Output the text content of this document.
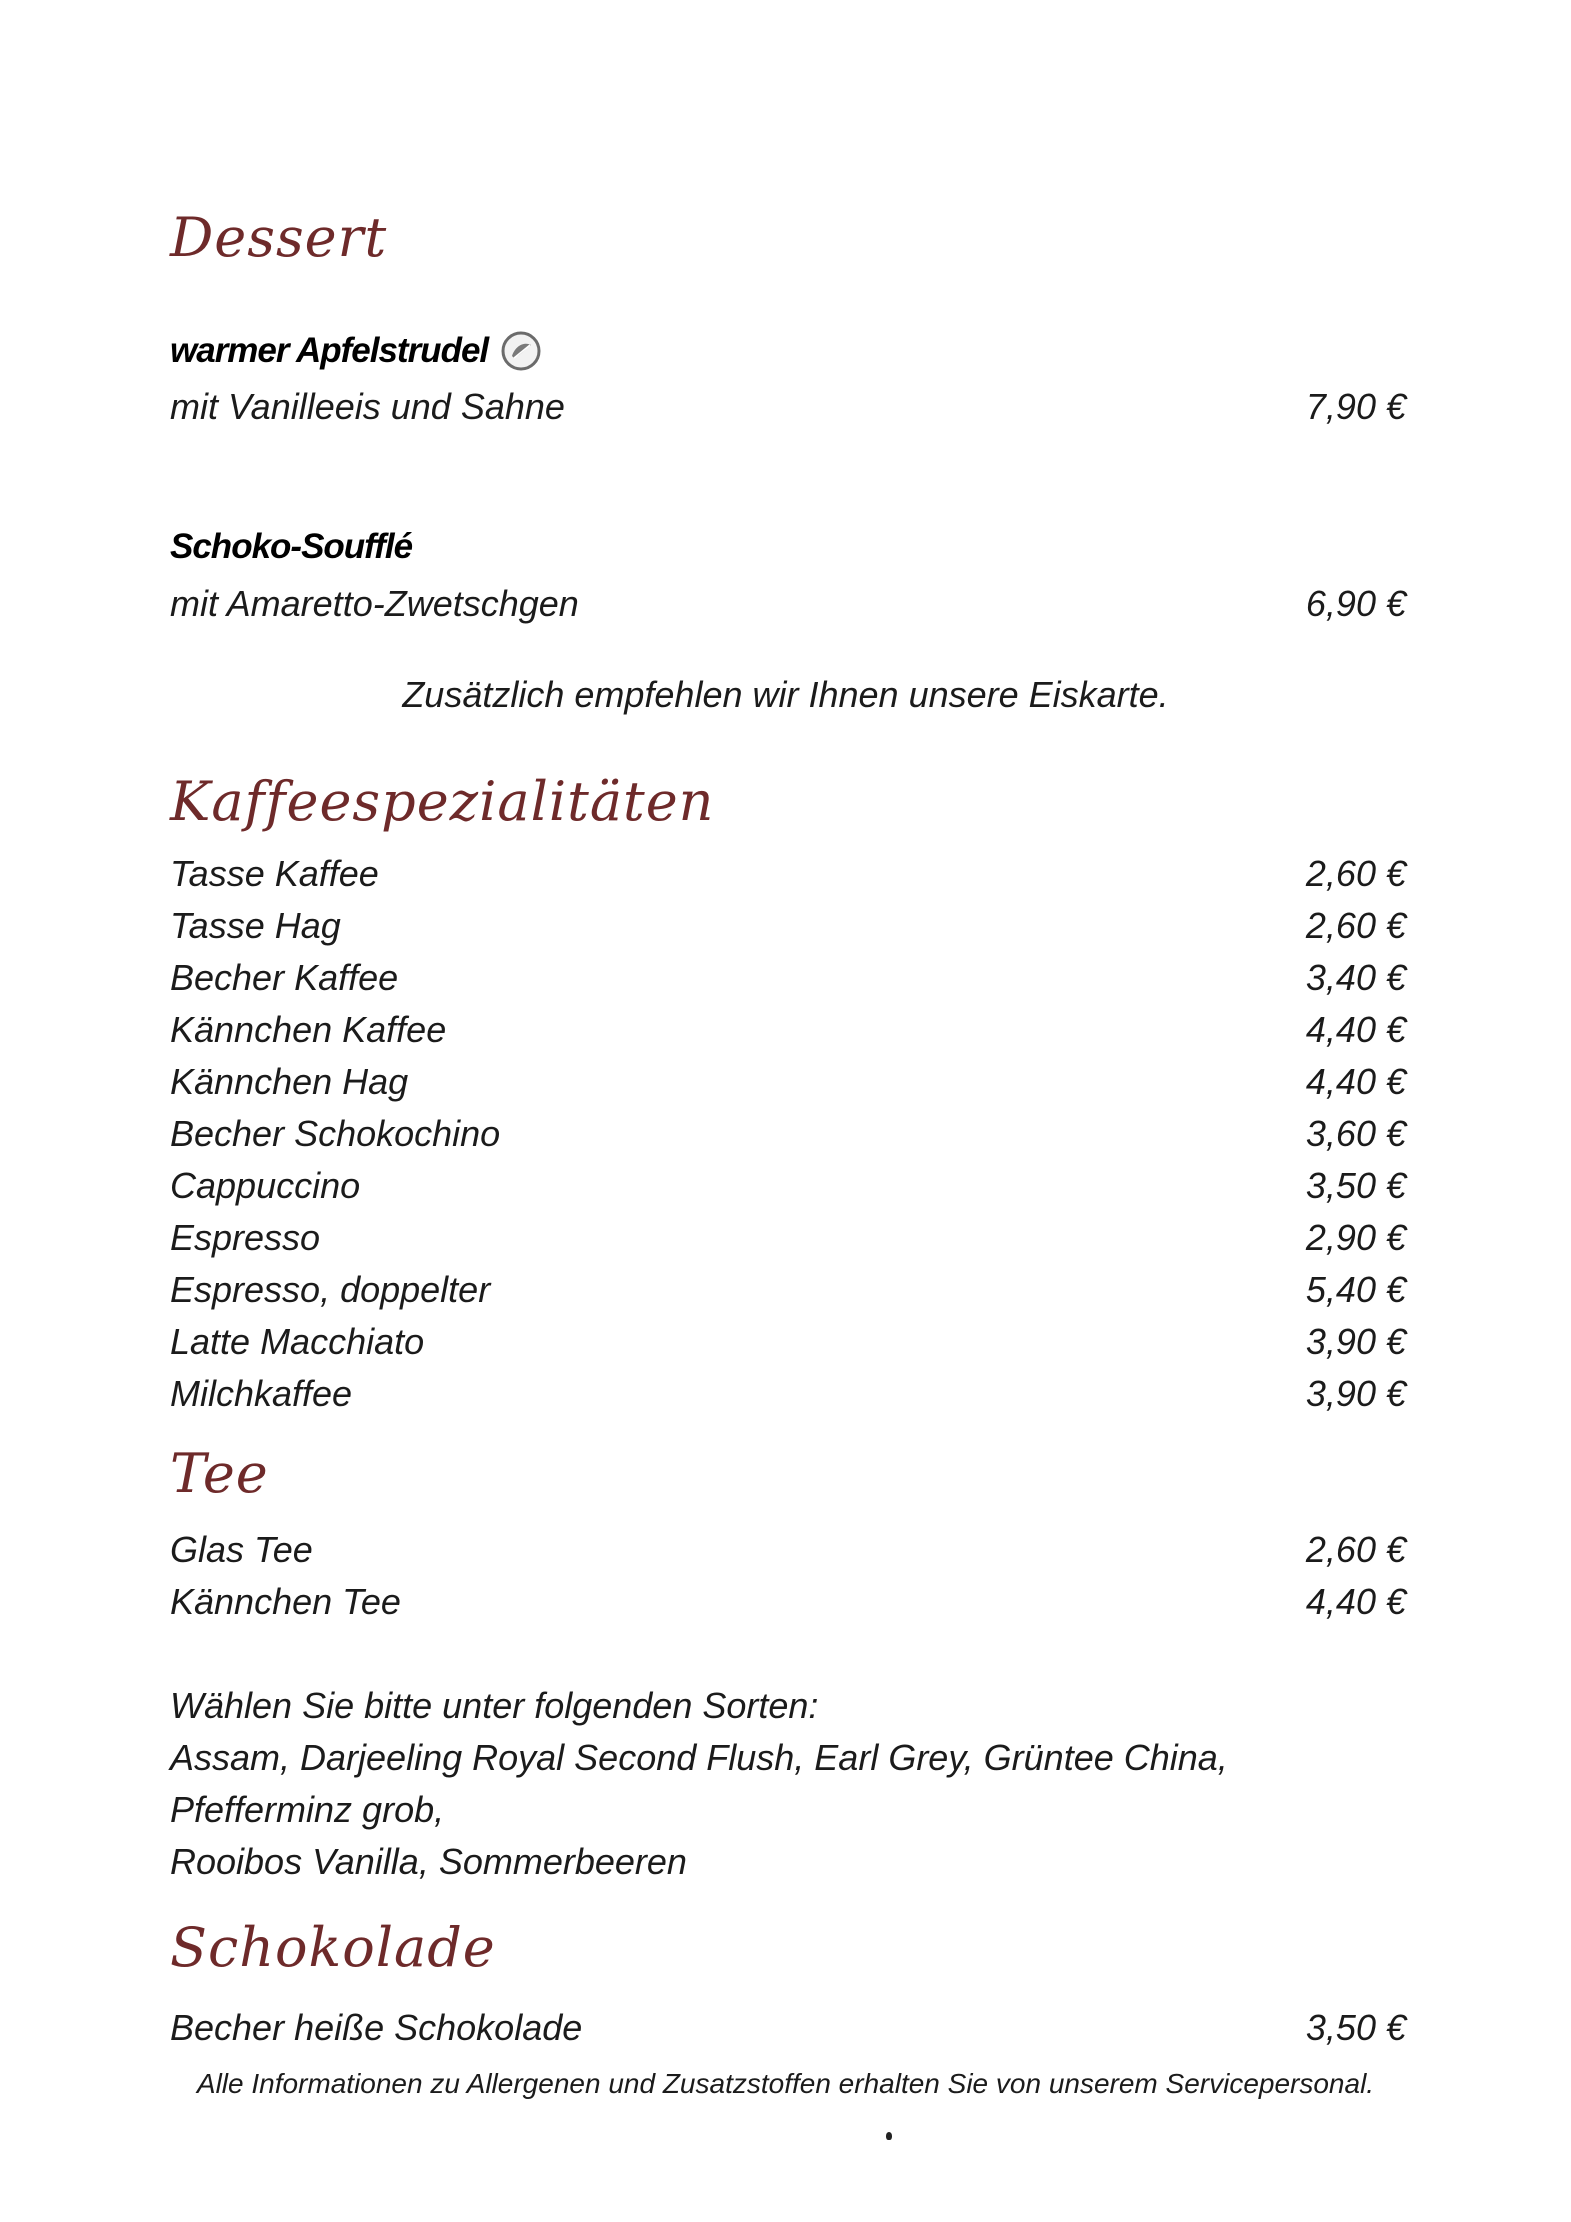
Dessert
warmer Apfelstrudel
mit Vanilleeis und Sahne	7,90 €
Schoko-Soufflé
mit Amaretto-Zwetschgen	6,90 €
Zusätzlich empfehlen wir Ihnen unsere Eiskarte.
Kaffeespezialitäten
Tasse Kaffee	2,60 €
Tasse Hag	2,60 €
Becher Kaffee	3,40 €
Kännchen Kaffee	4,40 €
Kännchen Hag	4,40 €
Becher Schokochino	3,60 €
Cappuccino	3,50 €
Espresso	2,90 €
Espresso, doppelter	5,40 €
Latte Macchiato	3,90 €
Milchkaffee	3,90 €
Tee
Glas Tee	2,60 €
Kännchen Tee	4,40 €
Wählen Sie bitte unter folgenden Sorten:
Assam, Darjeeling Royal Second Flush, Earl Grey, Grüntee China,
Pfefferminz grob,
Rooibos Vanilla, Sommerbeeren
Schokolade
Becher heiße Schokolade	3,50 €
Alle Informationen zu Allergenen und Zusatzstoffen erhalten Sie von unserem Servicepersonal.
